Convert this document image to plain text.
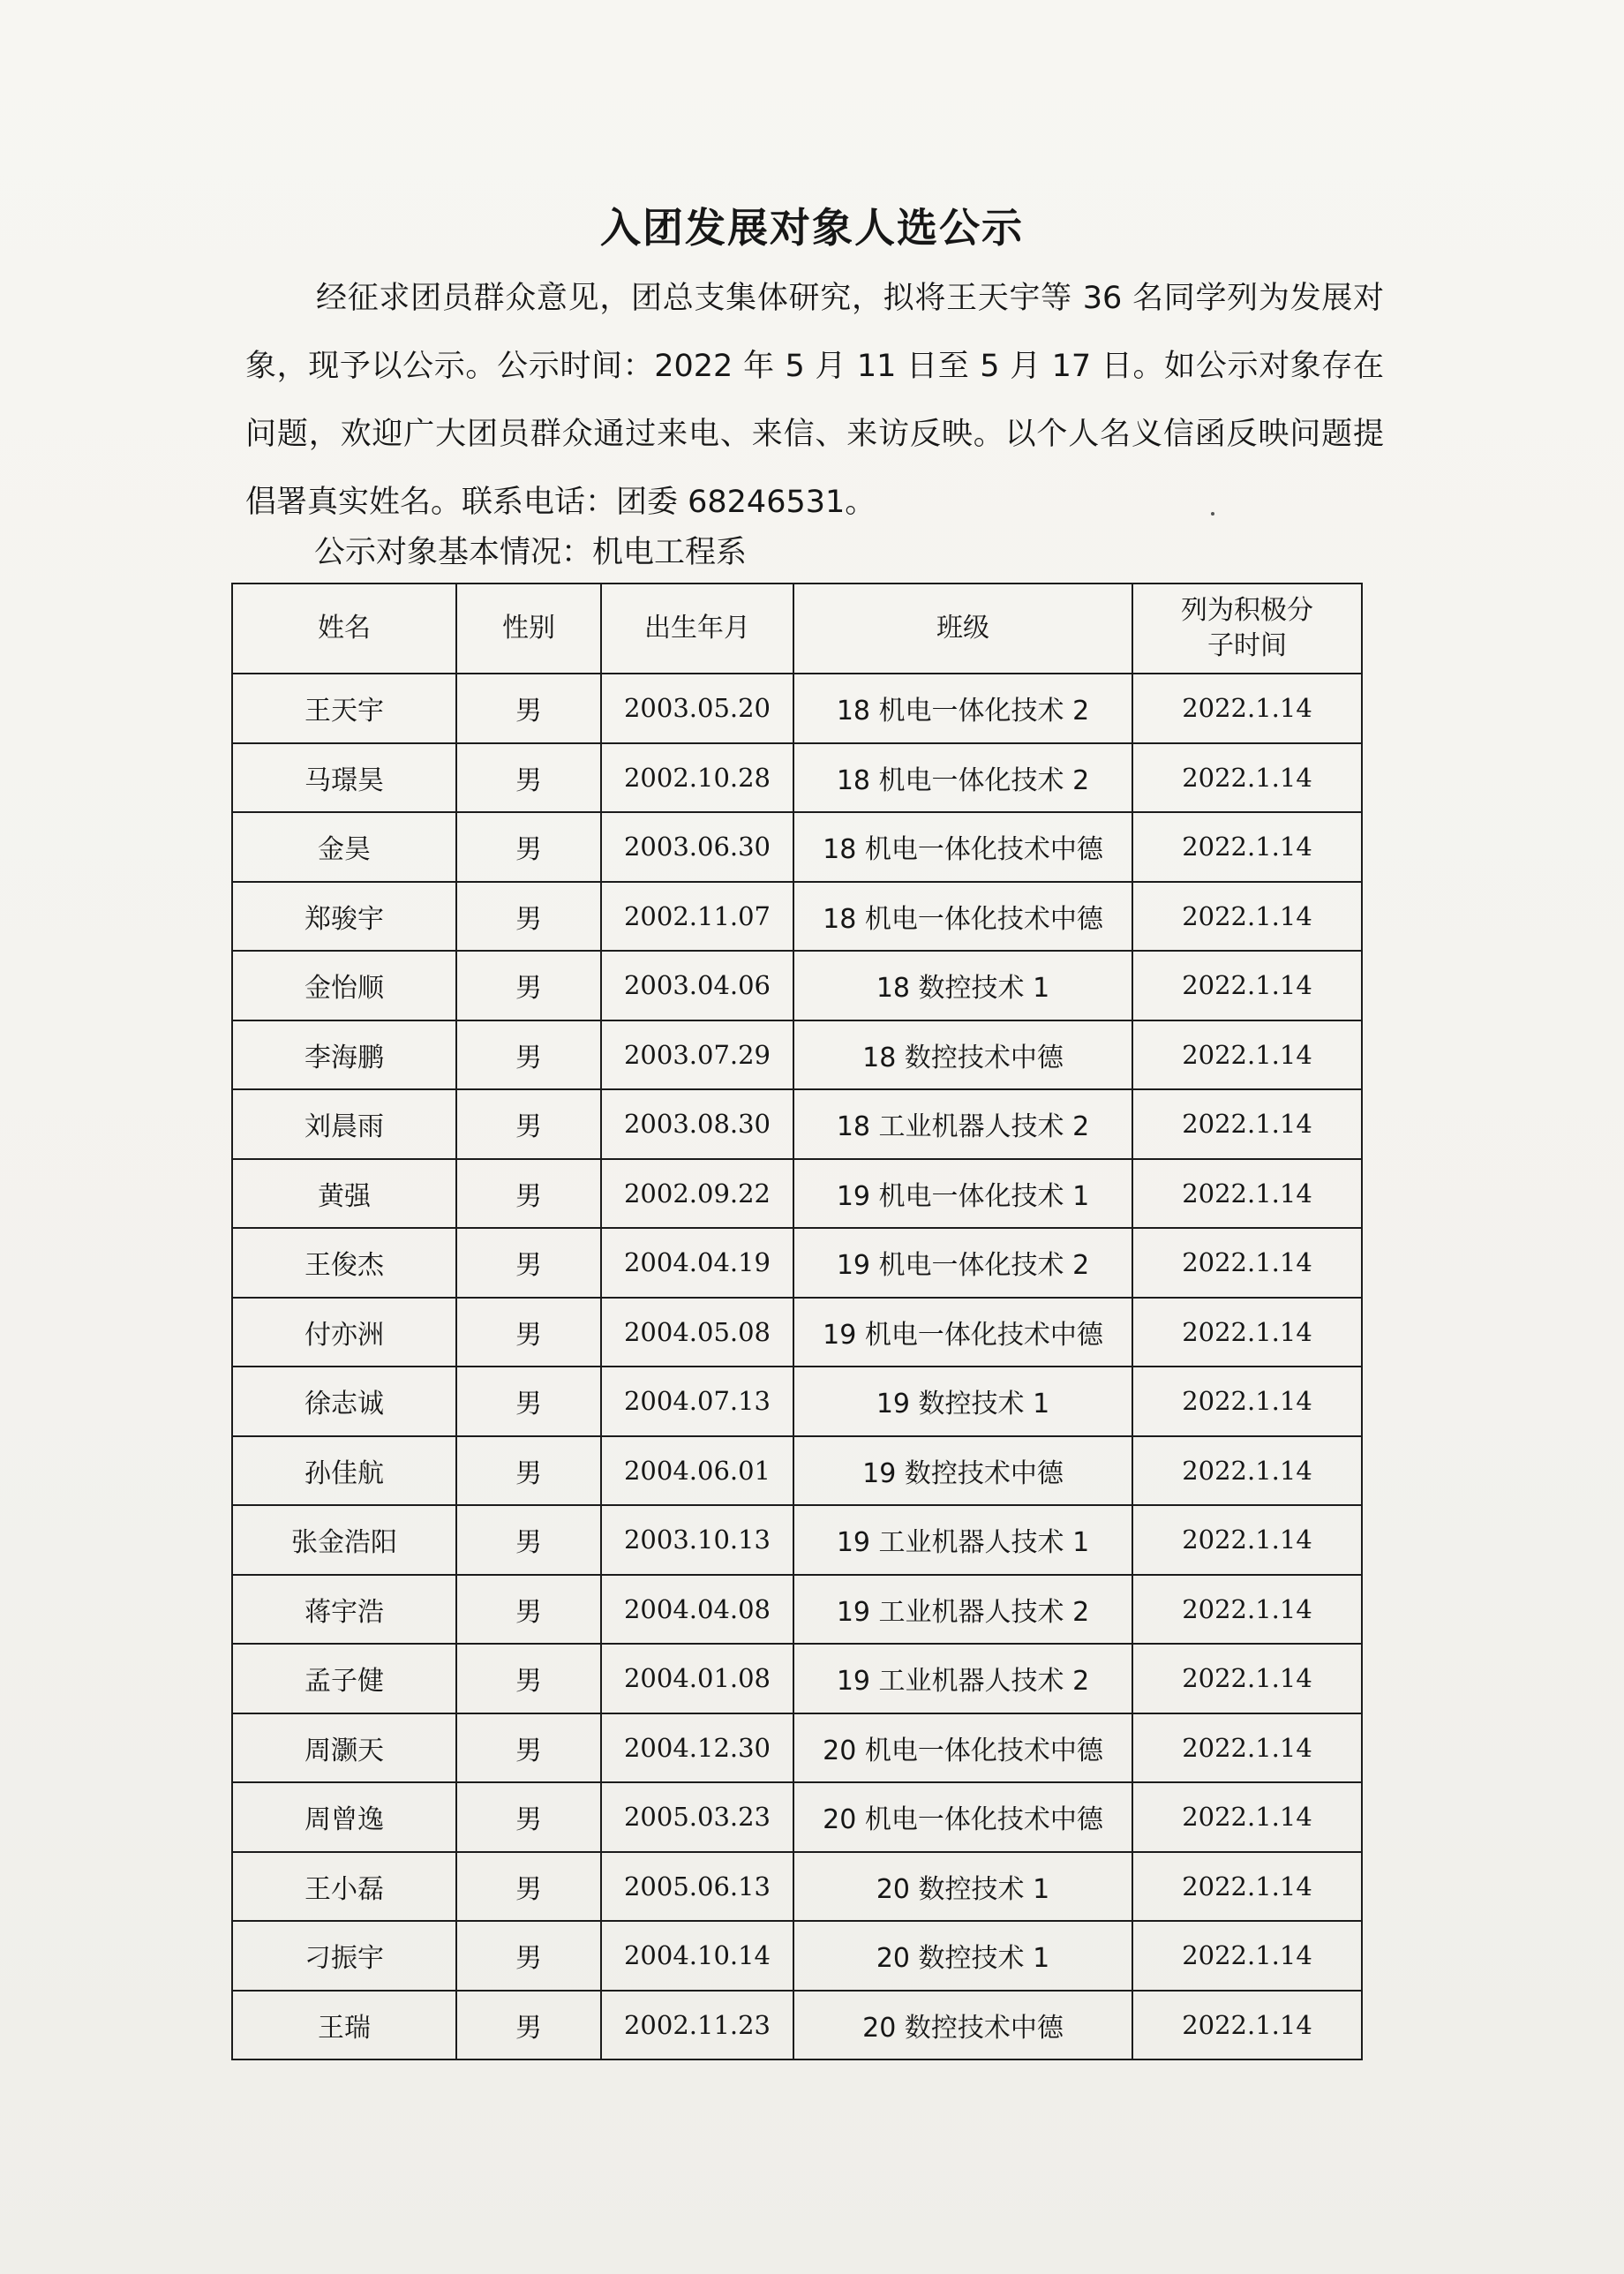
入团发展对象人选公示

经征求团员群众意见，团总支集体研究，拟将王天宇等 36 名同学列为发展对象，现予以公示。公示时间：2022 年 5 月 11 日至 5 月 17 日。如公示对象存在问题，欢迎广大团员群众通过来电、来信、来访反映。以个人名义信函反映问题提倡署真实姓名。联系电话：团委 68246531。

公示对象基本情况：机电工程系

姓名	性别	出生年月	班级	列为积极分子时间
王天宇	男	2003.05.20	18 机电一体化技术 2	2022.1.14
马璟昊	男	2002.10.28	18 机电一体化技术 2	2022.1.14
金昊	男	2003.06.30	18 机电一体化技术中德	2022.1.14
郑骏宇	男	2002.11.07	18 机电一体化技术中德	2022.1.14
金怡顺	男	2003.04.06	18 数控技术 1	2022.1.14
李海鹏	男	2003.07.29	18 数控技术中德	2022.1.14
刘晨雨	男	2003.08.30	18 工业机器人技术 2	2022.1.14
黄强	男	2002.09.22	19 机电一体化技术 1	2022.1.14
王俊杰	男	2004.04.19	19 机电一体化技术 2	2022.1.14
付亦洲	男	2004.05.08	19 机电一体化技术中德	2022.1.14
徐志诚	男	2004.07.13	19 数控技术 1	2022.1.14
孙佳航	男	2004.06.01	19 数控技术中德	2022.1.14
张金浩阳	男	2003.10.13	19 工业机器人技术 1	2022.1.14
蒋宇浩	男	2004.04.08	19 工业机器人技术 2	2022.1.14
孟子健	男	2004.01.08	19 工业机器人技术 2	2022.1.14
周灏天	男	2004.12.30	20 机电一体化技术中德	2022.1.14
周曾逸	男	2005.03.23	20 机电一体化技术中德	2022.1.14
王小磊	男	2005.06.13	20 数控技术 1	2022.1.14
刁振宇	男	2004.10.14	20 数控技术 1	2022.1.14
王瑞	男	2002.11.23	20 数控技术中德	2022.1.14
